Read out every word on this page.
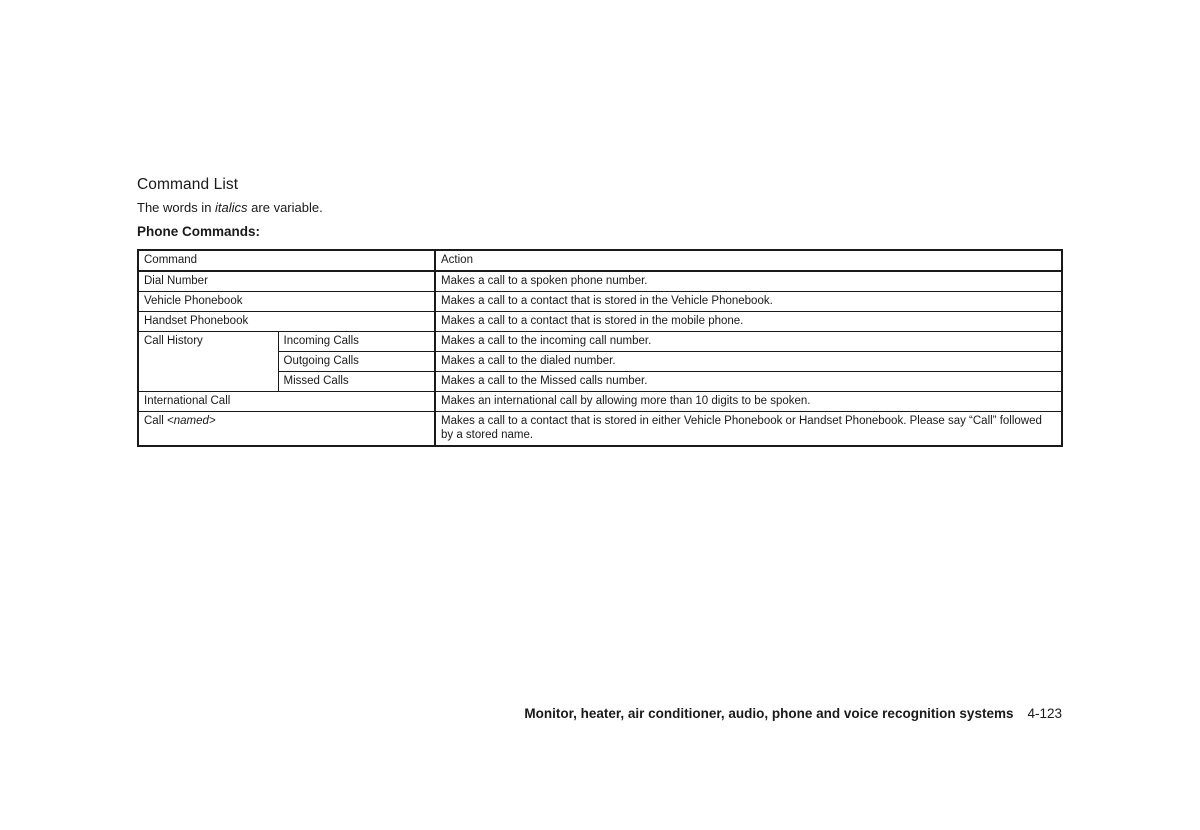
Command List
The words in italics are variable.
Phone Commands:
Command		Action
Dial Number		Makes a call to a spoken phone number.
Vehicle Phonebook		Makes a call to a contact that is stored in the Vehicle Phonebook.
Handset Phonebook		Makes a call to a contact that is stored in the mobile phone.
Call History	Incoming Calls	Makes a call to the incoming call number.
	Outgoing Calls	Makes a call to the dialed number.
	Missed Calls	Makes a call to the Missed calls number.
International Call		Makes an international call by allowing more than 10 digits to be spoken.
Call <named>		Makes a call to a contact that is stored in either Vehicle Phonebook or Handset Phonebook. Please say “Call” followed by a stored name.
Monitor, heater, air conditioner, audio, phone and voice recognition systems 4-123
